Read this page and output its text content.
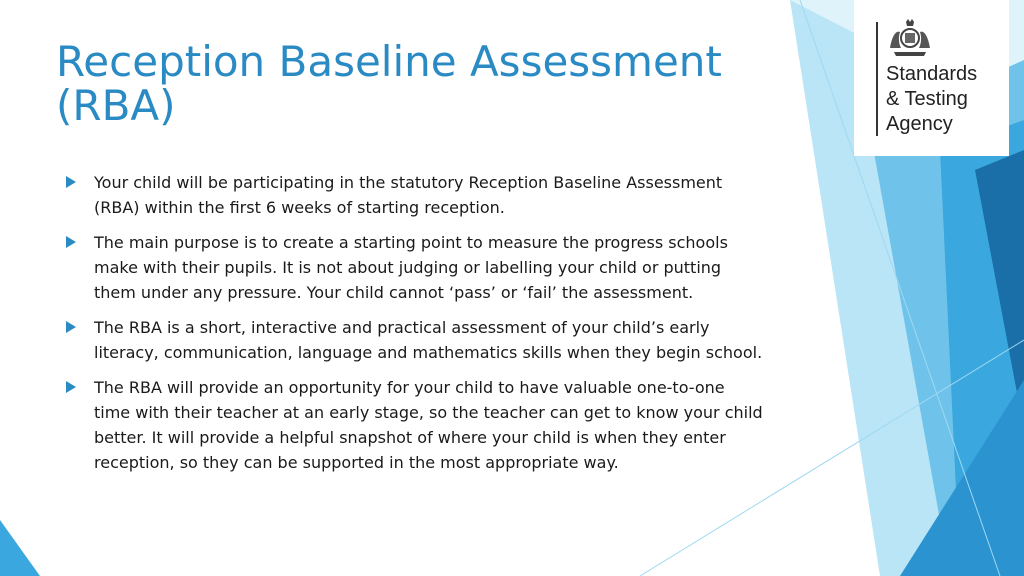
Reception Baseline Assessment (RBA)
Your child will be participating in the statutory Reception Baseline Assessment (RBA) within the first 6 weeks of starting reception.
The main purpose is to create a starting point to measure the progress schools make with their pupils. It is not about judging or labelling your child or putting them under any pressure. Your child cannot ‘pass’ or ‘fail’ the assessment.
The RBA is a short, interactive and practical assessment of your child’s early literacy, communication, language and mathematics skills when they begin school.
The RBA will provide an opportunity for your child to have valuable one-to-one time with their teacher at an early stage, so the teacher can get to know your child better. It will provide a helpful snapshot of where your child is when they enter reception, so they can be supported in the most appropriate way.
Standards
& Testing
Agency
